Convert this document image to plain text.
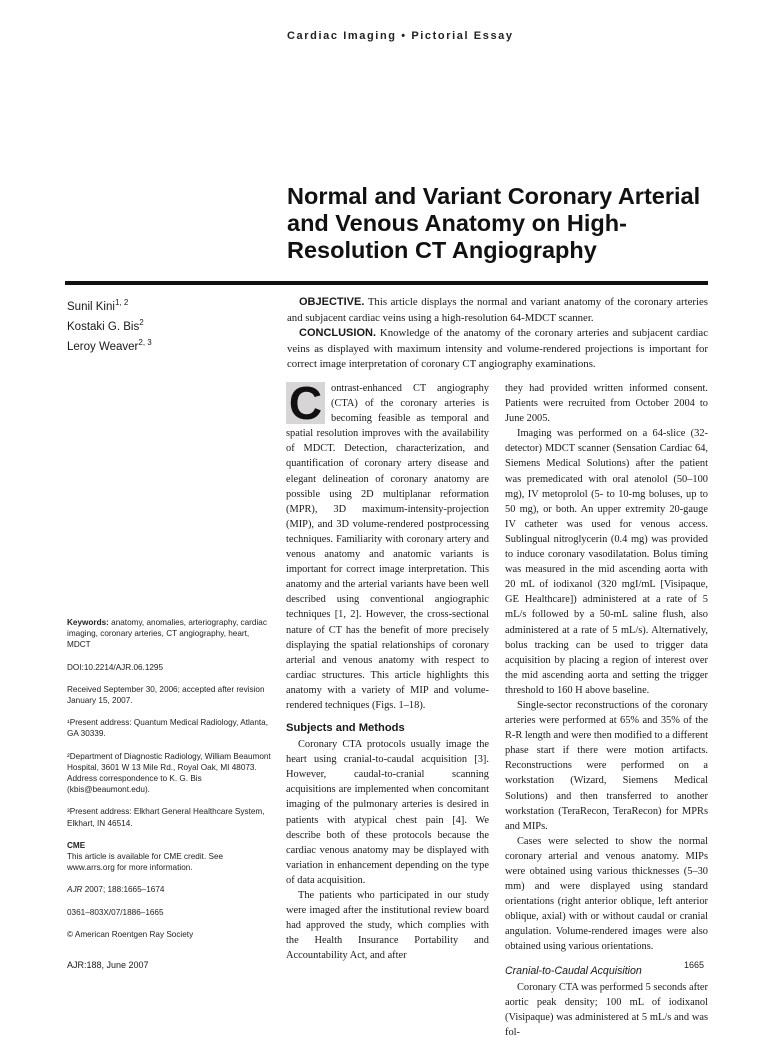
Cardiac Imaging • Pictorial Essay
Normal and Variant Coronary Arterial and Venous Anatomy on High-Resolution CT Angiography
Sunil Kini$^{1, 2}$
Kostaki G. Bis$^2$
Leroy Weaver$^{2, 3}$

OBJECTIVE. This article displays the normal and variant anatomy of the coronary arteries and subjacent cardiac veins using a high-resolution 64-MDCT scanner.

CONCLUSION. Knowledge of the anatomy of the coronary arteries and subjacent cardiac veins as displayed with maximum intensity and volume-rendered projections is important for correct image interpretation of coronary CT angiography examinations.

Keywords: anatomy, anomalies, arteriography, cardiac imaging, coronary arteries, CT angiography, heart, MDCT

DOI:10.2214/AJR.06.1295

Received September 30, 2006; accepted after revision January 15, 2007.

¹Present address: Quantum Medical Radiology, Atlanta, GA 30339.

²Department of Diagnostic Radiology, William Beaumont Hospital, 3601 W 13 Mile Rd., Royal Oak, MI 48073. Address correspondence to K. G. Bis (kbis@beaumont.edu).

³Present address: Elkhart General Healthcare System, Elkhart, IN 46514.

CME

This article is available for CME credit. See www.arrs.org for more information.

AJR 2007; 188:1665–1674

0361–803X/07/1886–1665

© American Roentgen Ray Society

C ontrast-enhanced CT angiography (CTA) of the coronary arteries is becoming feasible as temporal and spatial resolution improves with the availability of MDCT. Detection, characterization, and quantification of coronary artery disease and elegant delineation of coronary anatomy are possible using 2D multiplanar reformation (MPR), 3D maximum-intensity-projection (MIP), and 3D volume-rendered postprocessing techniques. Familiarity with coronary artery and venous anatomy and anatomic variants is important for correct image interpretation. This anatomy and the arterial variants have been well described using conventional angiographic techniques [1, 2]. However, the cross-sectional nature of CT has the benefit of more precisely displaying the spatial relationships of coronary arterial and venous anatomy with respect to cardiac structures. This article highlights this anatomy with a variety of MIP and volume-rendered techniques (Figs. 1–18).

Subjects and Methods

Coronary CTA protocols usually image the heart using cranial-to-caudal acquisition [3]. However, caudal-to-cranial scanning acquisitions are implemented when concomitant imaging of the pulmonary arteries is desired in patients with atypical chest pain [4]. We describe both of these protocols because the cardiac venous anatomy may be displayed with variation in enhancement depending on the type of data acquisition.

The patients who participated in our study were imaged after the institutional review board had approved the study, which complies with the Health Insurance Portability and Accountability Act, and after

they had provided written informed consent. Patients were recruited from October 2004 to June 2005.

Imaging was performed on a 64-slice (32-detector) MDCT scanner (Sensation Cardiac 64, Siemens Medical Solutions) after the patient was premedicated with oral atenolol (50–100 mg), IV metoprolol (5- to 10-mg boluses, up to 50 mg), or both. An upper extremity 20-gauge IV catheter was used for venous access. Sublingual nitroglycerin (0.4 mg) was provided to induce coronary vasodilatation. Bolus timing was measured in the mid ascending aorta with 20 mL of iodixanol (320 mgI/mL [Visipaque, GE Healthcare]) administered at a rate of 5 mL/s followed by a 50-mL saline flush, also administered at a rate of 5 mL/s). Alternatively, bolus tracking can be used to trigger data acquisition by placing a region of interest over the mid ascending aorta and setting the trigger threshold to 160 H above baseline.

Single-sector reconstructions of the coronary arteries were performed at 65% and 35% of the R-R length and were then modified to a different phase start if there were motion artifacts. Reconstructions were performed on a workstation (Wizard, Siemens Medical Solutions) and then transferred to another workstation (TeraRecon, TeraRecon) for MPRs and MIPs.

Cases were selected to show the normal coronary arterial and venous anatomy. MIPs were obtained using various thicknesses (5–30 mm) and were displayed using standard orientations (right anterior oblique, left anterior oblique, axial) with or without caudal or cranial angulation. Volume-rendered images were also obtained using various orientations.

Cranial-to-Caudal Acquisition

Coronary CTA was performed 5 seconds after aortic peak density; 100 mL of iodixanol (Visipaque) was administered at 5 mL/s and was fol-

AJR:188, June 2007	1665
